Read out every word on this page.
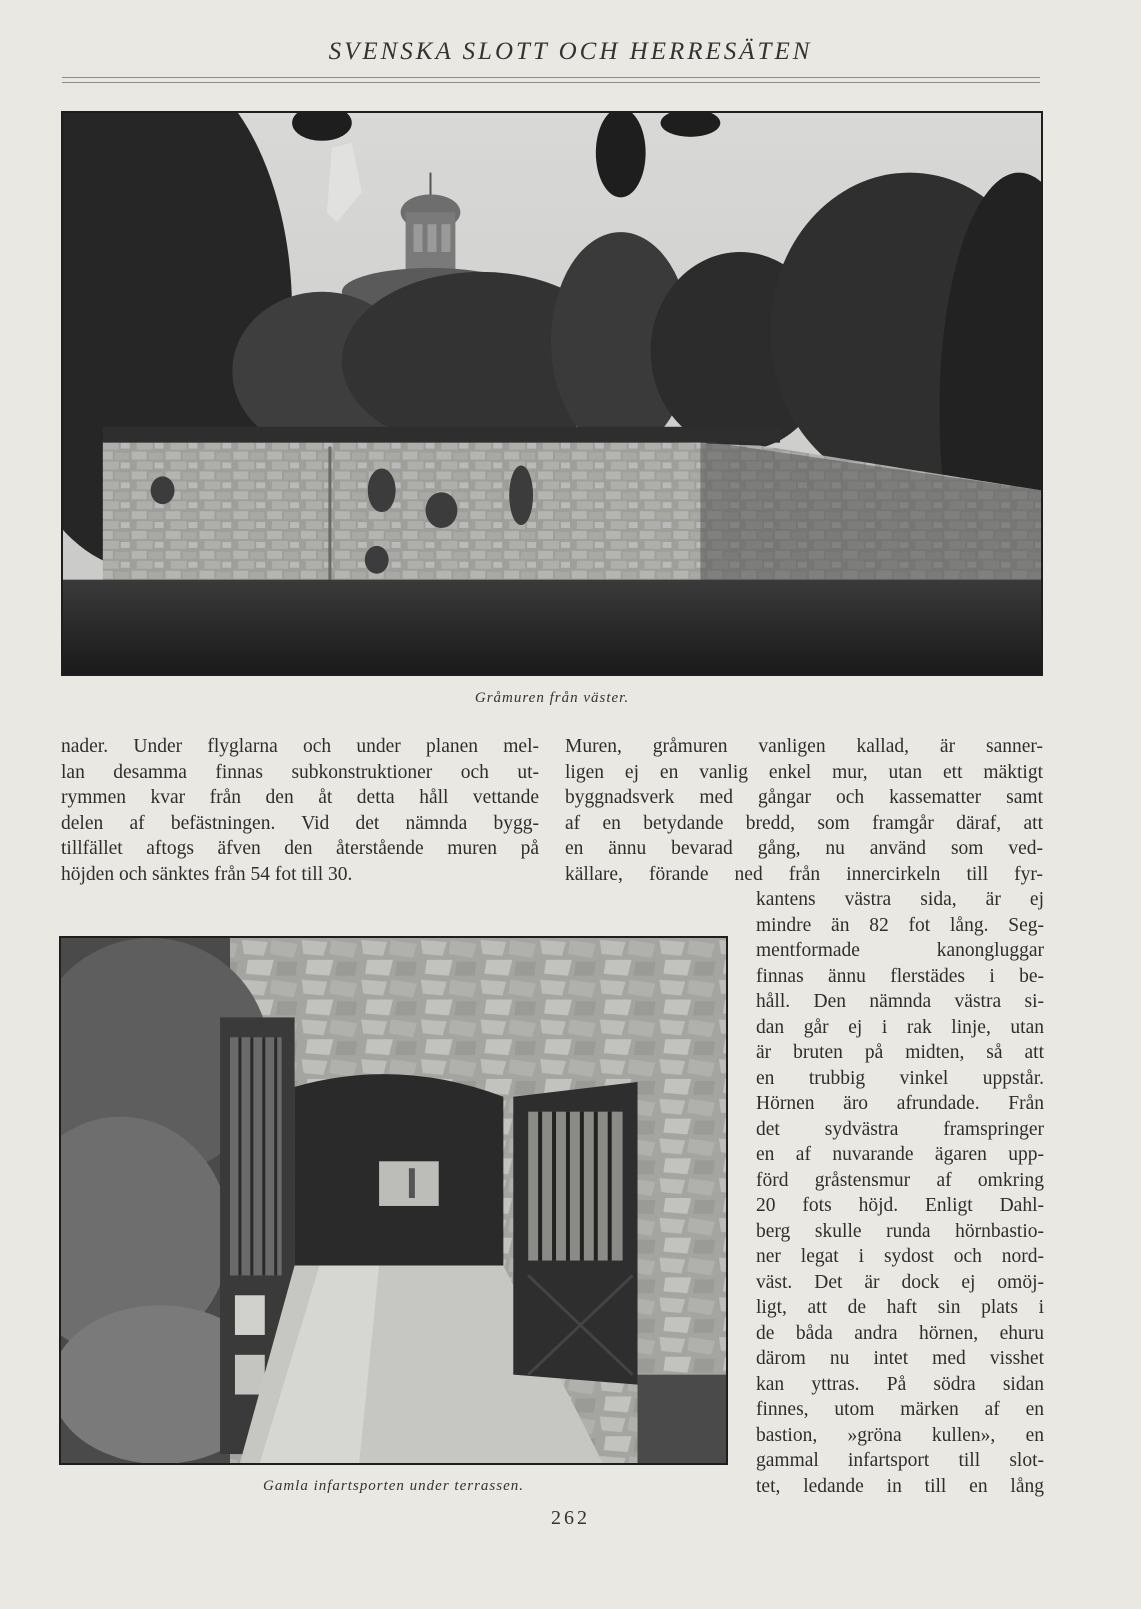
SVENSKA SLOTT OCH HERRESÄTEN
Gråmuren från väster.
nader. Under flyglarna och under planen mel-
lan desamma finnas subkonstruktioner och ut-
rymmen kvar från den åt detta håll vettande
delen af befästningen. Vid det nämnda bygg-
tillfället aftogs äfven den återstående muren på
höjden och sänktes från 54 fot till 30.
Muren, gråmuren vanligen kallad, är sanner-
ligen ej en vanlig enkel mur, utan ett mäktigt
byggnadsverk med gångar och kassematter samt
af en betydande bredd, som framgår däraf, att
en ännu bevarad gång, nu använd som ved-
källare, förande ned från innercirkeln till fyr-
Gamla infartsporten under terrassen.
kantens västra sida, är ej
mindre än 82 fot lång. Seg-
mentformade kanongluggar
finnas ännu flerstädes i be-
håll. Den nämnda västra si-
dan går ej i rak linje, utan
är bruten på midten, så att
en trubbig vinkel uppstår.
Hörnen äro afrundade. Från
det sydvästra framspringer
en af nuvarande ägaren upp-
förd gråstensmur af omkring
20 fots höjd. Enligt Dahl-
berg skulle runda hörnbastio-
ner legat i sydost och nord-
väst. Det är dock ej omöj-
ligt, att de haft sin plats i
de båda andra hörnen, ehuru
därom nu intet med visshet
kan yttras. På södra sidan
finnes, utom märken af en
bastion, »gröna kullen», en
gammal infartsport till slot-
tet, ledande in till en lång
262
